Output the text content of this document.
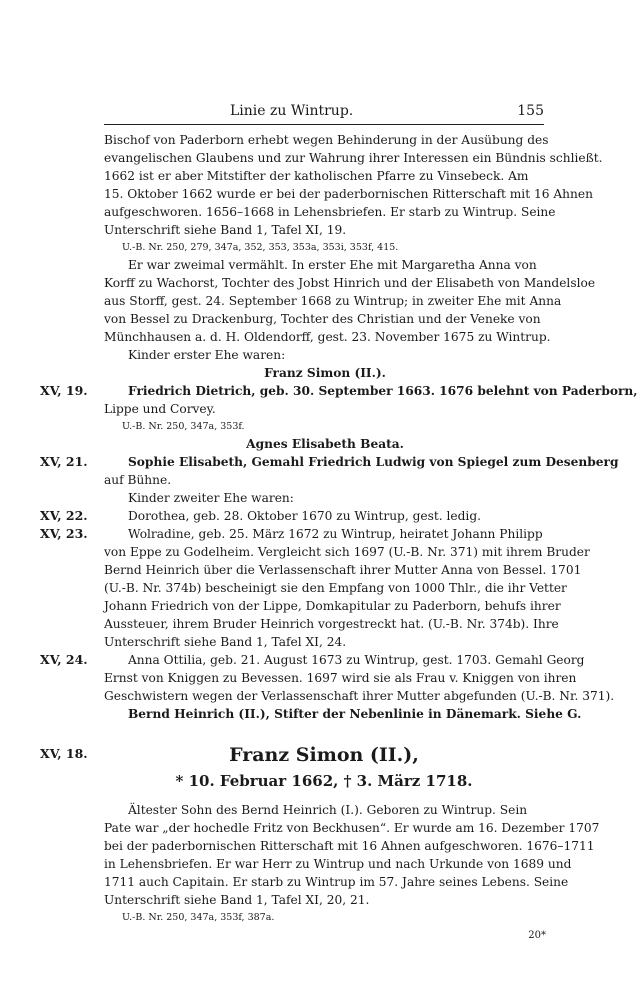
Linie zu Wintrup.	155
Bischof von Paderborn erhebt wegen Behinderung in der Ausübung des
evangelischen Glaubens und zur Wahrung ihrer Interessen ein Bündnis schließt.
1662 ist er aber Mitstifter der katholischen Pfarre zu Vinsebeck. Am
15. Oktober 1662 wurde er bei der paderbornischen Ritterschaft mit 16 Ahnen
aufgeschworen. 1656–1668 in Lehensbriefen. Er starb zu Wintrup. Seine
Unterschrift siehe Band 1, Tafel XI, 19.
U.-B. Nr. 250, 279, 347a, 352, 353, 353a, 353i, 353f, 415.
Er war zweimal vermählt. In erster Ehe mit Margaretha Anna von
Korff zu Wachorst, Tochter des Jobst Hinrich und der Elisabeth von Mandelsloe
aus Storff, gest. 24. September 1668 zu Wintrup; in zweiter Ehe mit Anna
von Bessel zu Drackenburg, Tochter des Christian und der Veneke von
Münchhausen a. d. H. Oldendorff, gest. 23. November 1675 zu Wintrup.
Kinder erster Ehe waren:
Franz Simon (II.).
XV, 19.	Friedrich Dietrich, geb. 30. September 1663. 1676 belehnt von Paderborn,
Lippe und Corvey.
U.-B. Nr. 250, 347a, 353f.
Agnes Elisabeth Beata.
XV, 21.	Sophie Elisabeth, Gemahl Friedrich Ludwig von Spiegel zum Desenberg
auf Bühne.
Kinder zweiter Ehe waren:
XV, 22.	Dorothea, geb. 28. Oktober 1670 zu Wintrup, gest. ledig.
XV, 23.	Wolradine, geb. 25. März 1672 zu Wintrup, heiratet Johann Philipp
von Eppe zu Godelheim. Vergleicht sich 1697 (U.-B. Nr. 371) mit ihrem Bruder
Bernd Heinrich über die Verlassenschaft ihrer Mutter Anna von Bessel. 1701
(U.-B. Nr. 374b) bescheinigt sie den Empfang von 1000 Thlr., die ihr Vetter
Johann Friedrich von der Lippe, Domkapitular zu Paderborn, behufs ihrer
Aussteuer, ihrem Bruder Heinrich vorgestreckt hat. (U.-B. Nr. 374b). Ihre
Unterschrift siehe Band 1, Tafel XI, 24.
XV, 24.	Anna Ottilia, geb. 21. August 1673 zu Wintrup, gest. 1703. Gemahl Georg
Ernst von Kniggen zu Bevessen. 1697 wird sie als Frau v. Kniggen von ihren
Geschwistern wegen der Verlassenschaft ihrer Mutter abgefunden (U.-B. Nr. 371).
Bernd Heinrich (II.), Stifter der Nebenlinie in Dänemark. Siehe G.
XV, 18.	Franz Simon (II.),
* 10. Februar 1662, † 3. März 1718.
Ältester Sohn des Bernd Heinrich (I.). Geboren zu Wintrup. Sein
Pate war „der hochedle Fritz von Beckhusen“. Er wurde am 16. Dezember 1707
bei der paderbornischen Ritterschaft mit 16 Ahnen aufgeschworen. 1676–1711
in Lehensbriefen. Er war Herr zu Wintrup und nach Urkunde von 1689 und
1711 auch Capitain. Er starb zu Wintrup im 57. Jahre seines Lebens. Seine
Unterschrift siehe Band 1, Tafel XI, 20, 21.
U.-B. Nr. 250, 347a, 353f, 387a.
20*
